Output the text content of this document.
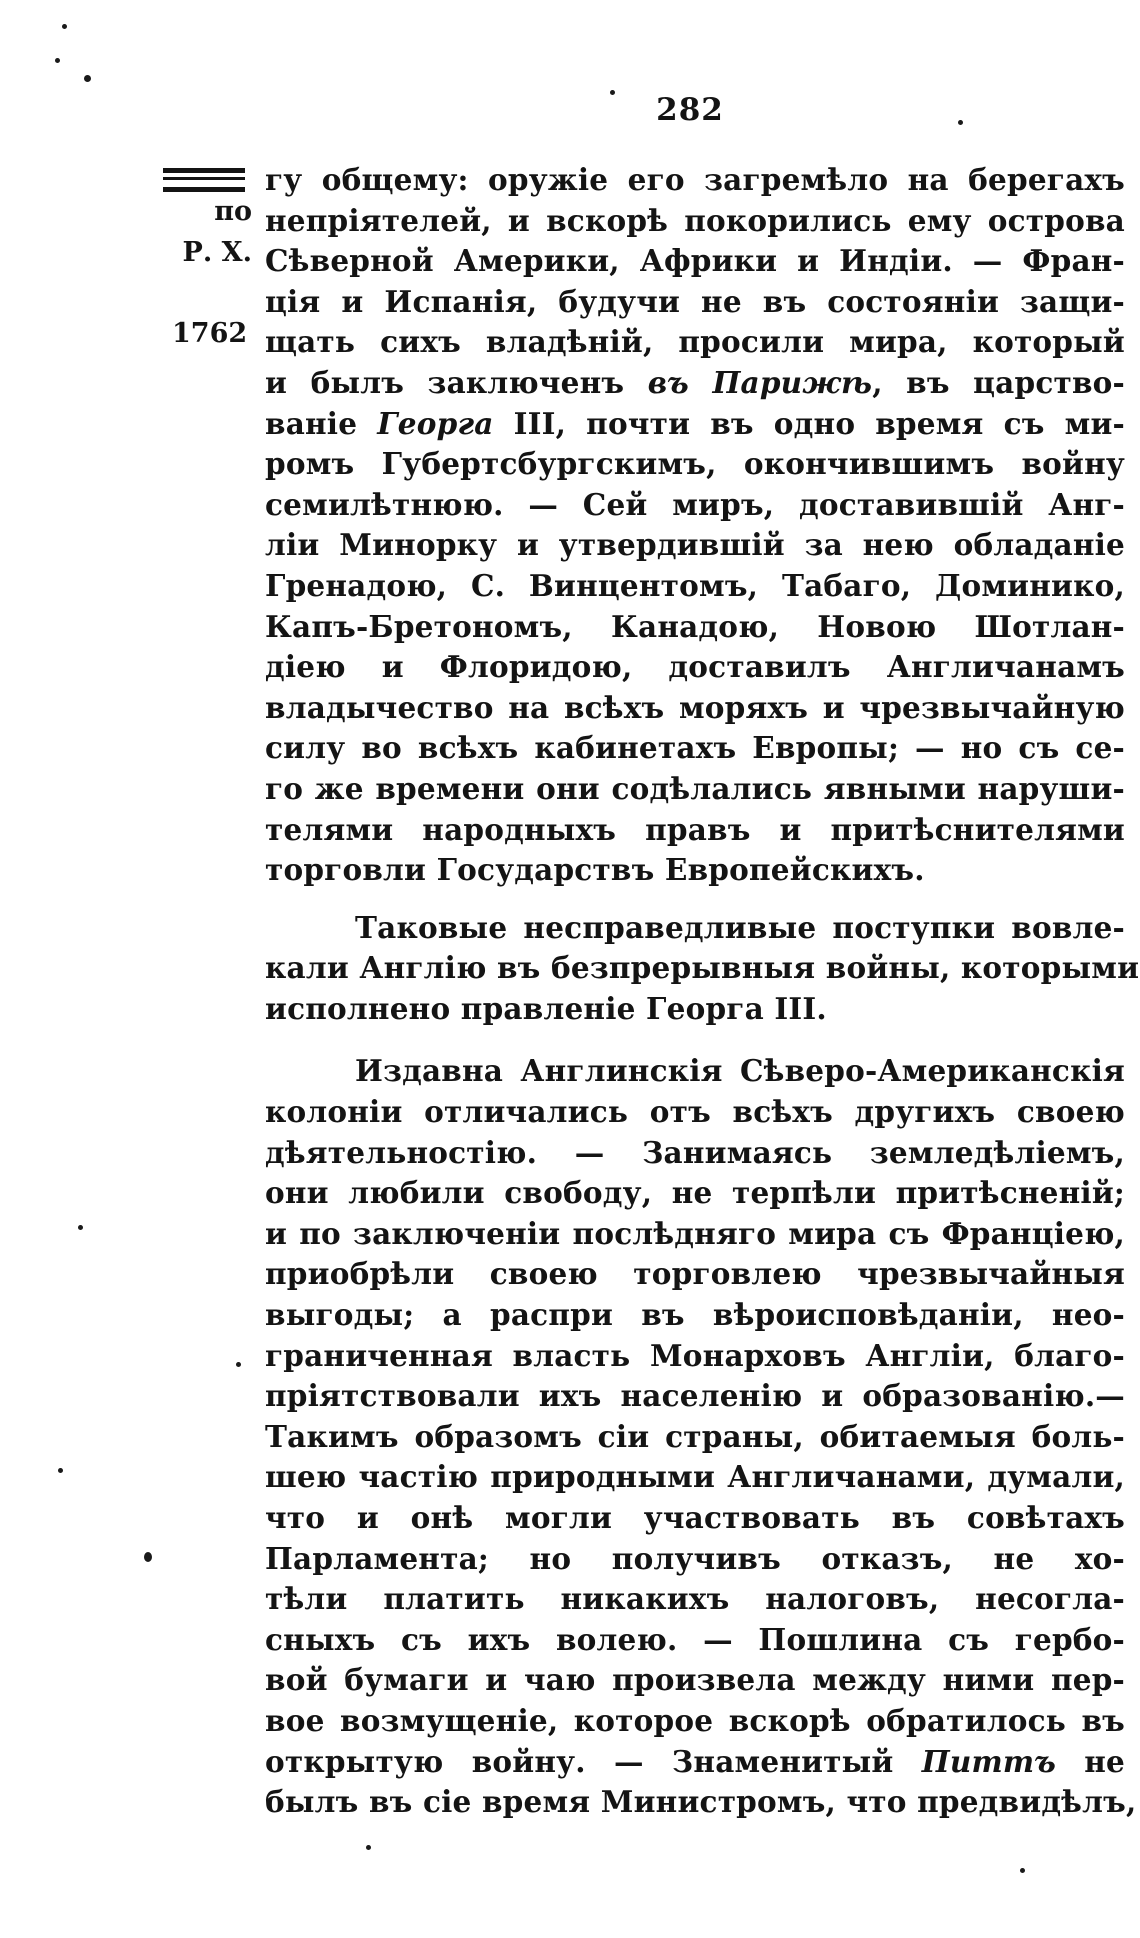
282
по
Р. Х.
1762
гу общему: оружіе его загремѣло на берегахъ
непріятелей, и вскорѣ покорились ему острова
Сѣверной Америки, Африки и Индіи. — Фран-
ція и Испанія, будучи не въ состояніи защи-
щать сихъ владѣній, просили мира, который
и былъ заключенъ въ Парижѣ, въ царство-
ваніе Георга III, почти въ одно время съ ми-
ромъ Губертсбургскимъ, окончившимъ войну
семилѣтнюю. — Сей миръ, доставившій Анг-
ліи Минорку и утвердившій за нею обладаніе
Гренадою, С. Винцентомъ, Табаго, Доминико,
Капъ-Бретономъ, Канадою, Новою Шотлан-
діею и Флоридою, доставилъ Англичанамъ
владычество на всѣхъ моряхъ и чрезвычайную
силу во всѣхъ кабинетахъ Европы; — но съ се-
го же времени они содѣлались явными наруши-
телями народныхъ правъ и притѣснителями
торговли Государствъ Европейскихъ.
Таковые несправедливые поступки вовле-
кали Англію въ безпрерывныя войны, которыми
исполнено правленіе Георга III.
Издавна Англинскія Сѣверо-Американскія
колоніи отличались отъ всѣхъ другихъ своею
дѣятельностію. — Занимаясь земледѣліемъ,
они любили свободу, не терпѣли притѣсненій;
и по заключеніи послѣдняго мира съ Франціею,
приобрѣли своею торговлею чрезвычайныя
выгоды; а распри въ вѣроисповѣданіи, нео-
граниченная власть Монарховъ Англіи, благо-
пріятствовали ихъ населенію и образованію.—
Такимъ образомъ сіи страны, обитаемыя боль-
шею частію природными Англичанами, думали,
что и онѣ могли участвовать въ совѣтахъ
Парламента; но получивъ отказъ, не хо-
тѣли платить никакихъ налоговъ, несогла-
сныхъ съ ихъ волею. — Пошлина съ гербо-
вой бумаги и чаю произвела между ними пер-
вое возмущеніе, которое вскорѣ обратилось въ
открытую войну. — Знаменитый Питтъ не
былъ въ сіе время Министромъ, что предвидѣлъ,
